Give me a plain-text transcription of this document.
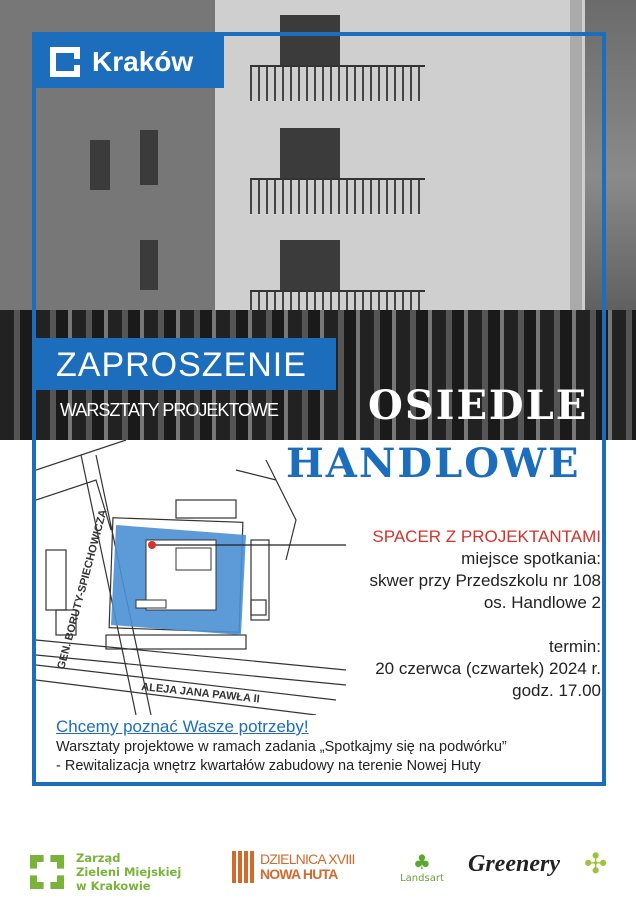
Kraków
ZAPROSZENIE
WARSZTATY PROJEKTOWE OSIEDLE
HANDLOWE
GEN. BORUTY-SPIECHOWICZA
ALEJA JANA PAWŁA II
SPACER Z PROJEKTANTAMI
miejsce spotkania:
skwer przy Przedszkolu nr 108
os. Handlowe 2
termin:
20 czerwca (czwartek) 2024 r.
godz. 17.00
Chcemy poznać Wasze potrzeby!
Warsztaty projektowe w ramach zadania „Spotkajmy się na podwórku”
- Rewitalizacja wnętrz kwartałów zabudowy na terenie Nowej Huty
Zarząd
Zieleni Miejskiej
w Krakowie
DZIELNICA XVIII
NOWA HUTA	♣
Landsart
Greenery ✣
